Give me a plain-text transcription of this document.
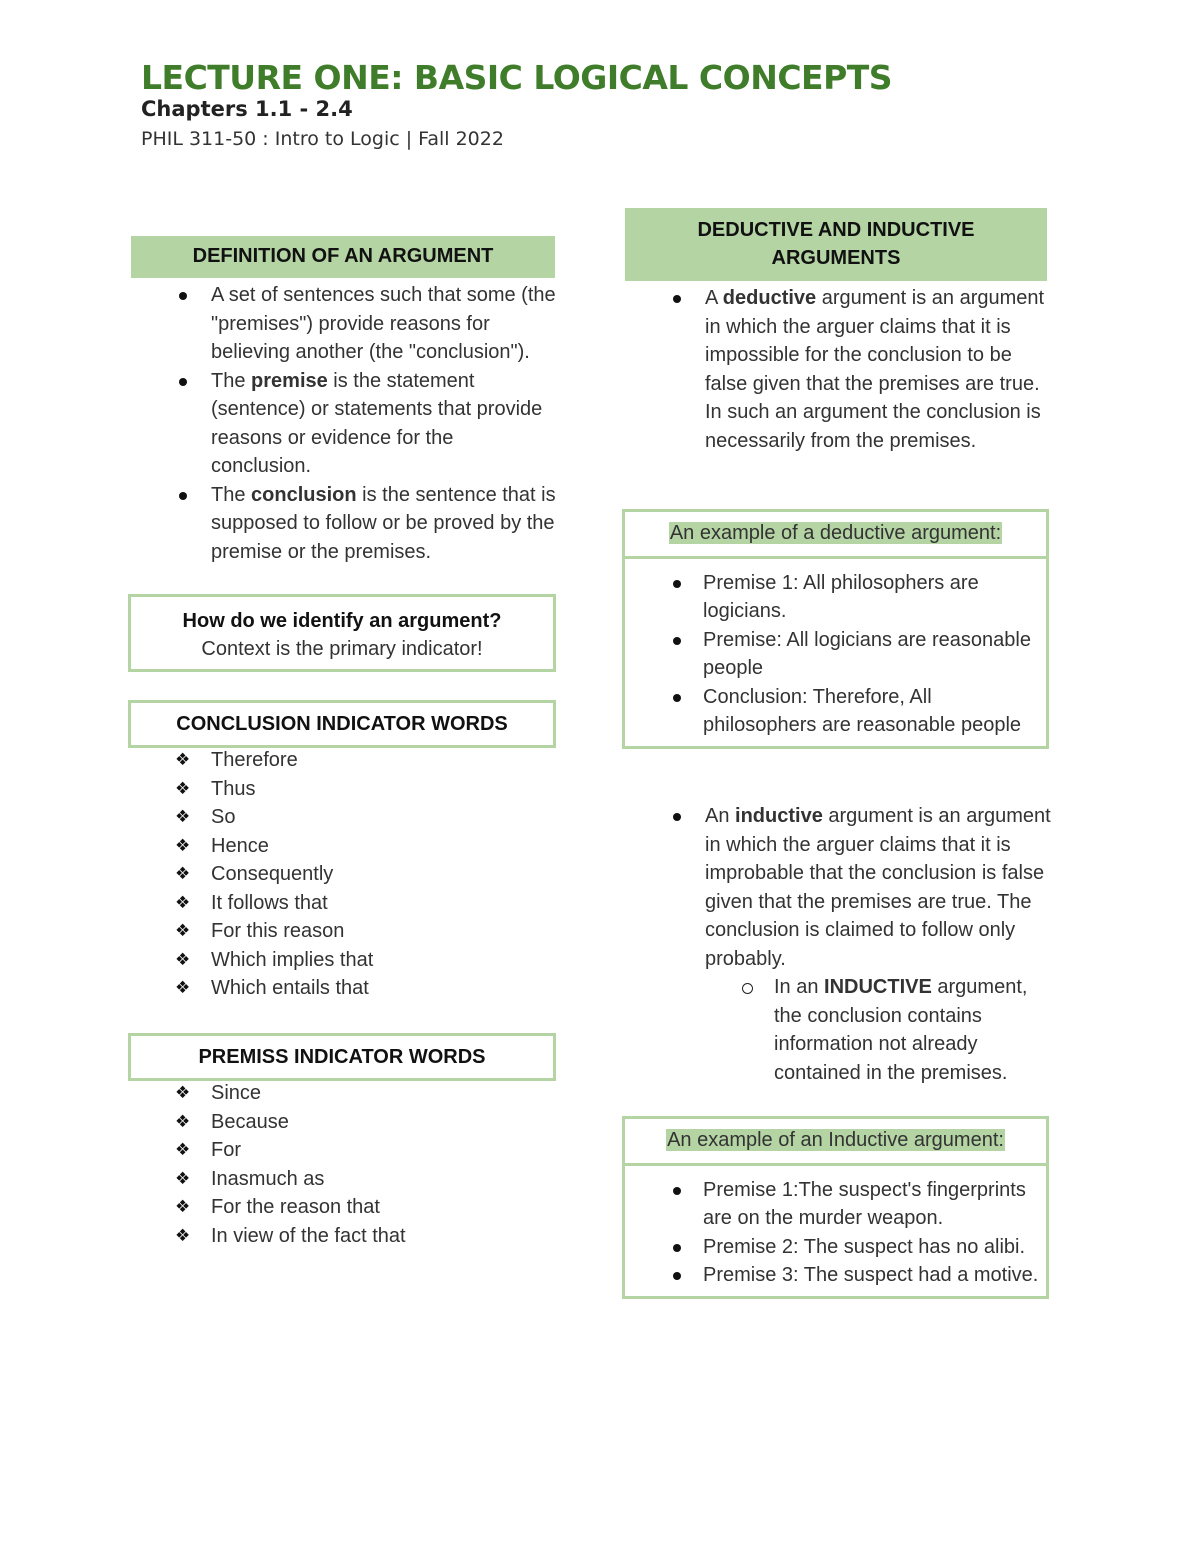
LECTURE ONE: BASIC LOGICAL CONCEPTS
Chapters 1.1 - 2.4
PHIL 311-50 : Intro to Logic | Fall 2022
DEFINITION OF AN ARGUMENT
A set of sentences such that some (the "premises") provide reasons for believing another (the "conclusion").
The premise is the statement (sentence) or statements that provide reasons or evidence for the conclusion.
The conclusion is the sentence that is supposed to follow or be proved by the premise or the premises.
How do we identify an argument?
Context is the primary indicator!
CONCLUSION INDICATOR WORDS
❖ Therefore
❖ Thus
❖ So
❖ Hence
❖ Consequently
❖ It follows that
❖ For this reason
❖ Which implies that
❖ Which entails that
PREMISS INDICATOR WORDS
❖ Since
❖ Because
❖ For
❖ Inasmuch as
❖ For the reason that
❖ In view of the fact that
DEDUCTIVE AND INDUCTIVE ARGUMENTS
A deductive argument is an argument in which the arguer claims that it is impossible for the conclusion to be false given that the premises are true. In such an argument the conclusion is necessarily from the premises.
An example of a deductive argument:
Premise 1: All philosophers are logicians.
Premise: All logicians are reasonable people
Conclusion: Therefore, All philosophers are reasonable people
An inductive argument is an argument in which the arguer claims that it is improbable that the conclusion is false given that the premises are true. The conclusion is claimed to follow only probably.
In an INDUCTIVE argument, the conclusion contains information not already contained in the premises.
An example of an Inductive argument:
Premise 1:The suspect's fingerprints are on the murder weapon.
Premise 2: The suspect has no alibi.
Premise 3: The suspect had a motive.
